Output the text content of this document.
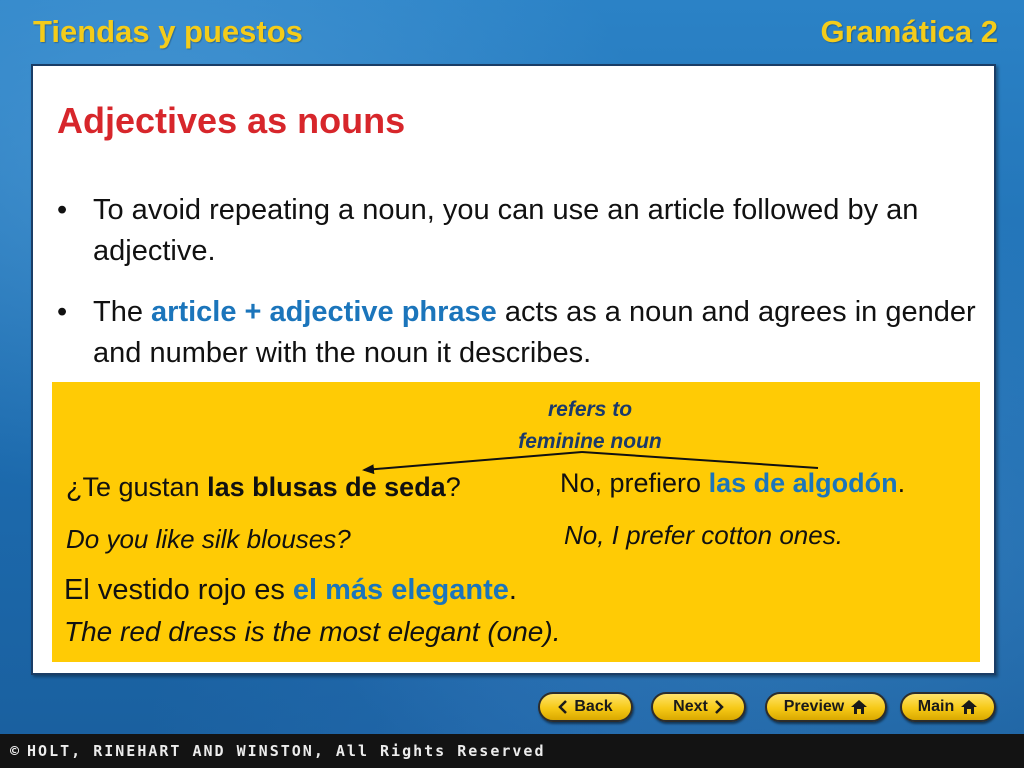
Tiendas y puestos	Gramática 2
Adjectives as nouns
• To avoid repeating a noun, you can use an article followed by an adjective.
• The article + adjective phrase acts as a noun and agrees in gender and number with the noun it describes.
refers to
feminine noun
¿Te gustan las blusas de seda?
Do you like silk blouses?
No, prefiero las de algodón.
No, I prefer cotton ones.
El vestido rojo es el más elegante.
The red dress is the most elegant (one).
Back	Next	Preview	Main
© HOLT, RINEHART AND WINSTON, All Rights Reserved
